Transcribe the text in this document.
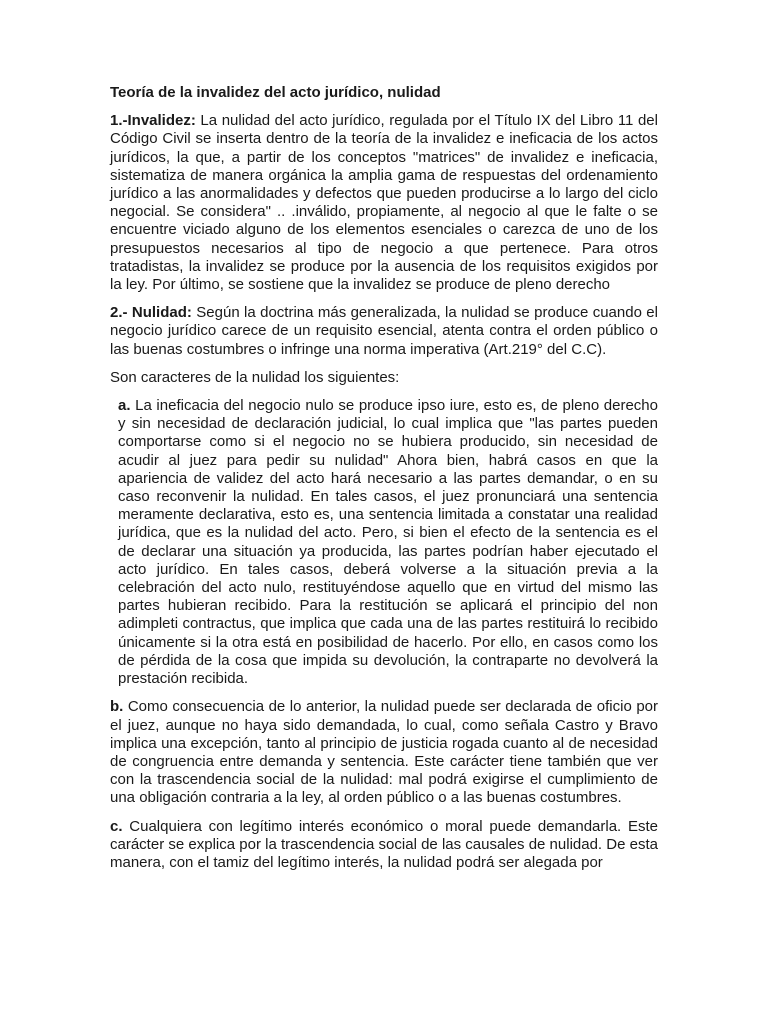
Teoría de la invalidez del acto jurídico, nulidad

1.-Invalidez: La nulidad del acto jurídico, regulada por el Título IX del Libro 11 del Código Civil se inserta dentro de la teoría de la invalidez e ineficacia de los actos jurídicos, la que, a partir de los conceptos "matrices" de invalidez e ineficacia, sistematiza de manera orgánica la amplia gama de respuestas del ordenamiento jurídico a las anormalidades y defectos que pueden producirse a lo largo del ciclo negocial. Se considera" .. .inválido, propiamente, al negocio al que le falte o se encuentre viciado alguno de los elementos esenciales o carezca de uno de los presupuestos necesarios al tipo de negocio a que pertenece. Para otros tratadistas, la invalidez se produce por la ausencia de los requisitos exigidos por la ley. Por último, se sostiene que la invalidez se produce de pleno derecho

2.- Nulidad: Según la doctrina más generalizada, la nulidad se produce cuando el negocio jurídico carece de un requisito esencial, atenta contra el orden público o las buenas costumbres o infringe una norma imperativa (Art.219° del C.C).

Son caracteres de la nulidad los siguientes:

a. La ineficacia del negocio nulo se produce ipso iure, esto es, de pleno derecho y sin necesidad de declaración judicial, lo cual implica que "las partes pueden comportarse como si el negocio no se hubiera producido, sin necesidad de acudir al juez para pedir su nulidad" Ahora bien, habrá casos en que la apariencia de validez del acto hará necesario a las partes demandar, o en su caso reconvenir la nulidad. En tales casos, el juez pronunciará una sentencia meramente declarativa, esto es, una sentencia limitada a constatar una realidad jurídica, que es la nulidad del acto. Pero, si bien el efecto de la sentencia es el de declarar una situación ya producida, las partes podrían haber ejecutado el acto jurídico. En tales casos, deberá volverse a la situación previa a la celebración del acto nulo, restituyéndose aquello que en virtud del mismo las partes hubieran recibido. Para la restitución se aplicará el principio del non adimpleti contractus, que implica que cada una de las partes restituirá lo recibido únicamente si la otra está en posibilidad de hacerlo. Por ello, en casos como los de pérdida de la cosa que impida su devolución, la contraparte no devolverá la prestación recibida.

b. Como consecuencia de lo anterior, la nulidad puede ser declarada de oficio por el juez, aunque no haya sido demandada, lo cual, como señala Castro y Bravo implica una excepción, tanto al principio de justicia rogada cuanto al de necesidad de congruencia entre demanda y sentencia. Este carácter tiene también que ver con la trascendencia social de la nulidad: mal podrá exigirse el cumplimiento de una obligación contraria a la ley, al orden público o a las buenas costumbres.

c. Cualquiera con legítimo interés económico o moral puede demandarla. Este carácter se explica por la trascendencia social de las causales de nulidad. De esta manera, con el tamiz del legítimo interés, la nulidad podrá ser alegada por
